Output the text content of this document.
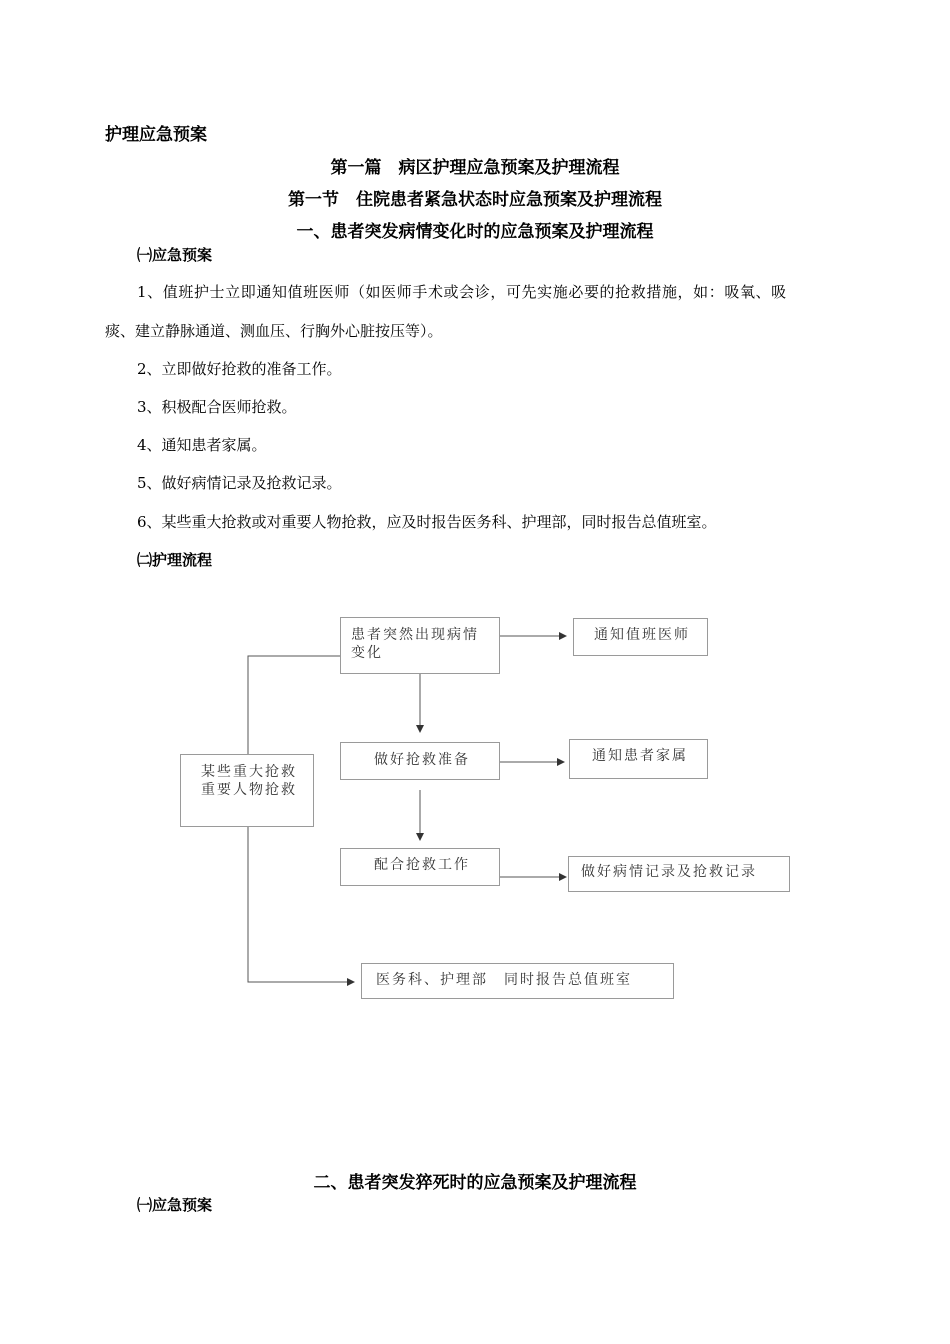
护理应急预案
第一篇　病区护理应急预案及护理流程
第一节　住院患者紧急状态时应急预案及护理流程
一、患者突发病情变化时的应急预案及护理流程
㈠应急预案
1、值班护士立即通知值班医师（如医师手术或会诊，可先实施必要的抢救措施，如：吸氧、吸
痰、建立静脉通道、测血压、行胸外心脏按压等）。
2、立即做好抢救的准备工作。
3、积极配合医师抢救。
4、通知患者家属。
5、做好病情记录及抢救记录。
6、某些重大抢救或对重要人物抢救，应及时报告医务科、护理部，同时报告总值班室。
㈡护理流程
患者突然出现病情
变化
通知值班医师
做好抢救准备	通知患者家属
某些重大抢救
重要人物抢救
配合抢救工作	做好病情记录及抢救记录
医务科、护理部　同时报告总值班室
二、患者突发猝死时的应急预案及护理流程
㈠应急预案
